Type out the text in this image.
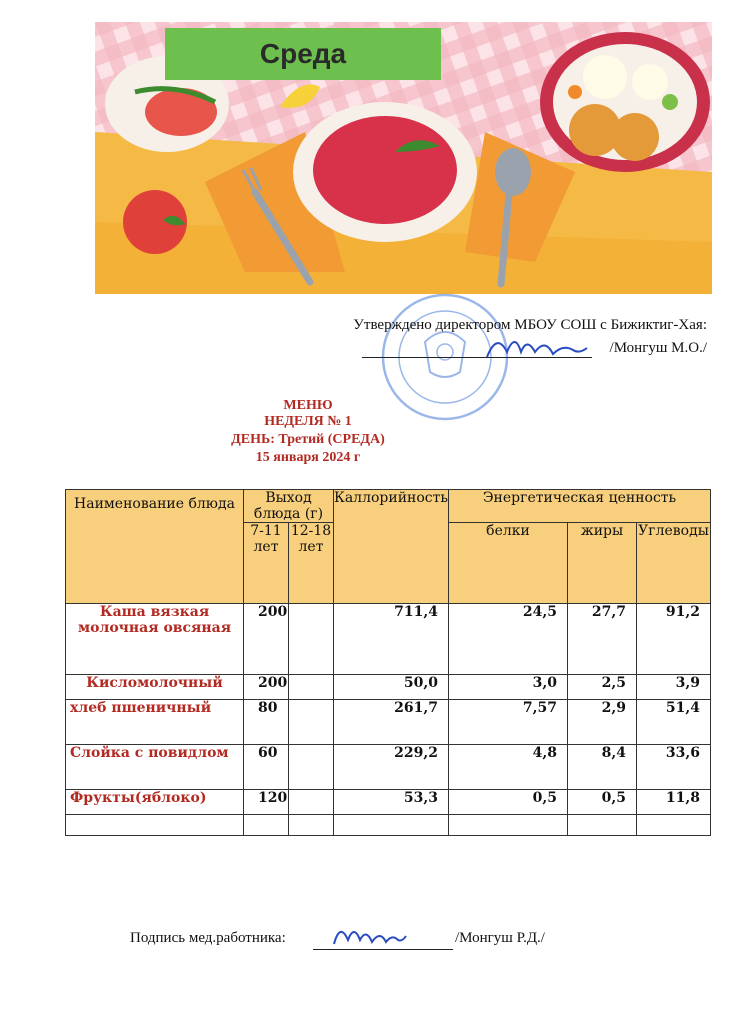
Среда
Утверждено директором МБОУ СОШ с Бижиктиг-Хая:
/Монгуш М.О./
МЕНЮ
НЕДЕЛЯ № 1
ДЕНЬ: Третий (СРЕДА)
15 января 2024 г
Наименование блюда	Выход блюда (г)		Каллорийность	Энергетическая ценность		
	7-11 лет	12-18 лет		белки	жиры	Углеводы
Каша вязкая молочная овсяная	200		711,4	24,5	27,7	91,2
Кисломолочный	200		50,0	3,0	2,5	3,9
хлеб пшеничный	80		261,7	7,57	2,9	51,4
Слойка с повидлом	60		229,2	4,8	8,4	33,6
Фрукты(яблоко)	120		53,3	0,5	0,5	11,8

Подпись мед.работника:	/Монгуш Р.Д./
